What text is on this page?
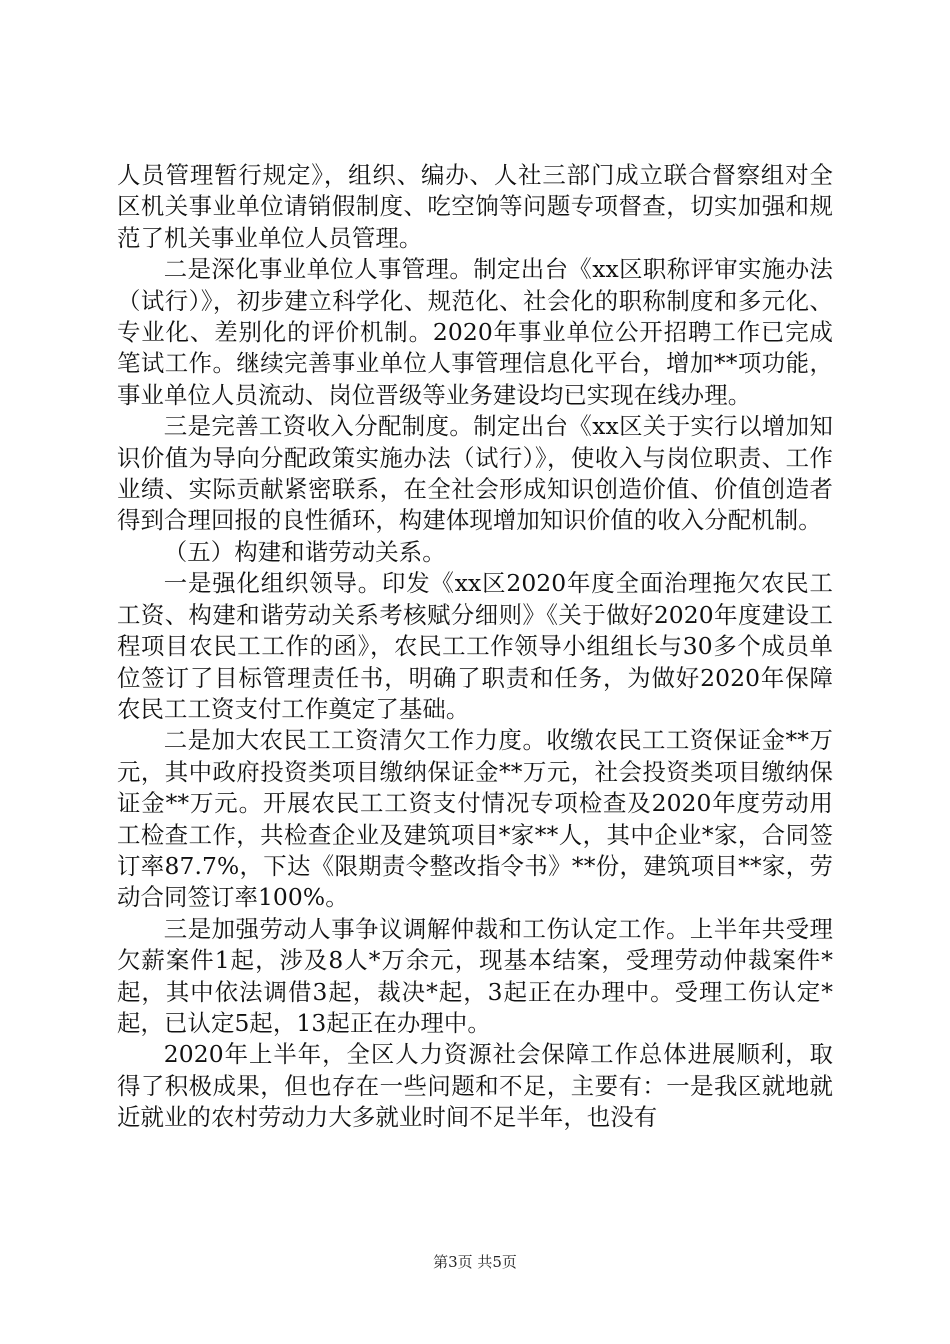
人员管理暂行规定》，组织、编办、人社三部门成立联合督察组对全区机关事业单位请销假制度、吃空饷等问题专项督查，切实加强和规范了机关事业单位人员管理。

二是深化事业单位人事管理。制定出台《xx区职称评审实施办法（试行）》，初步建立科学化、规范化、社会化的职称制度和多元化、专业化、差别化的评价机制。2020年事业单位公开招聘工作已完成笔试工作。继续完善事业单位人事管理信息化平台，增加**项功能，事业单位人员流动、岗位晋级等业务建设均已实现在线办理。

三是完善工资收入分配制度。制定出台《xx区关于实行以增加知识价值为导向分配政策实施办法（试行）》，使收入与岗位职责、工作业绩、实际贡献紧密联系，在全社会形成知识创造价值、价值创造者得到合理回报的良性循环，构建体现增加知识价值的收入分配机制。

（五）构建和谐劳动关系。

一是强化组织领导。印发《xx区2020年度全面治理拖欠农民工工资、构建和谐劳动关系考核赋分细则》《关于做好2020年度建设工程项目农民工工作的函》，农民工工作领导小组组长与30多个成员单位签订了目标管理责任书，明确了职责和任务，为做好2020年保障农民工工资支付工作奠定了基础。

二是加大农民工工资清欠工作力度。收缴农民工工资保证金**万元，其中政府投资类项目缴纳保证金**万元，社会投资类项目缴纳保证金**万元。开展农民工工资支付情况专项检查及2020年度劳动用工检查工作，共检查企业及建筑项目*家**人，其中企业*家，合同签订率87.7%，下达《限期责令整改指令书》**份，建筑项目**家，劳动合同签订率100%。

三是加强劳动人事争议调解仲裁和工伤认定工作。上半年共受理欠薪案件1起，涉及8人*万余元，现基本结案，受理劳动仲裁案件*起，其中依法调借3起，裁决*起，3起正在办理中。受理工伤认定*起，已认定5起，13起正在办理中。

2020年上半年，全区人力资源社会保障工作总体进展顺利，取得了积极成果，但也存在一些问题和不足，主要有：一是我区就地就近就业的农村劳动力大多就业时间不足半年，也没有

第3页 共5页
